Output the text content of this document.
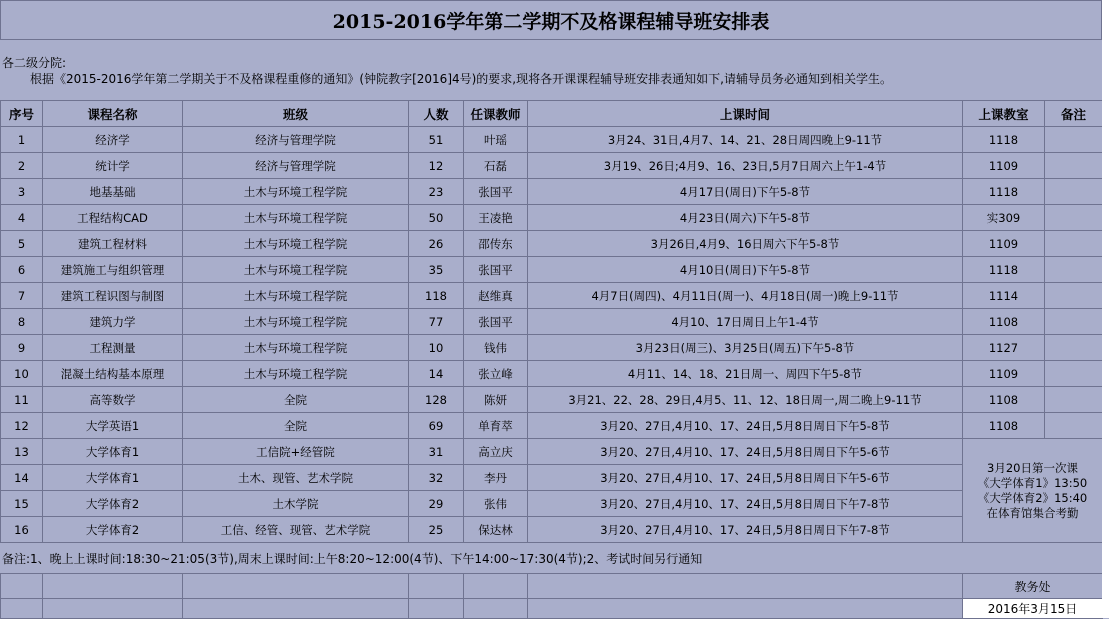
2015-2016学年第二学期不及格课程辅导班安排表
各二级分院:
根据《2015-2016学年第二学期关于不及格课程重修的通知》(钟院教字[2016]4号)的要求,现将各开课课程辅导班安排表通知如下,请辅导员务必通知到相关学生。
序号	课程名称	班级	人数	任课教师	上课时间	上课教室	备注
1	经济学	经济与管理学院	51	叶瑶	3月24、31日,4月7、14、21、28日周四晚上9-11节	1118	
2	统计学	经济与管理学院	12	石磊	3月19、26日;4月9、16、23日,5月7日周六上午1-4节	1109	
3	地基基础	土木与环境工程学院	23	张国平	4月17日(周日)下午5-8节	1118	
4	工程结构CAD	土木与环境工程学院	50	王凌艳	4月23日(周六)下午5-8节	实309	
5	建筑工程材料	土木与环境工程学院	26	邵传东	3月26日,4月9、16日周六下午5-8节	1109	
6	建筑施工与组织管理	土木与环境工程学院	35	张国平	4月10日(周日)下午5-8节	1118	
7	建筑工程识图与制图	土木与环境工程学院	118	赵维真	4月7日(周四)、4月11日(周一)、4月18日(周一)晚上9-11节	1114	
8	建筑力学	土木与环境工程学院	77	张国平	4月10、17日周日上午1-4节	1108	
9	工程测量	土木与环境工程学院	10	钱伟	3月23日(周三)、3月25日(周五)下午5-8节	1127	
10	混凝土结构基本原理	土木与环境工程学院	14	张立峰	4月11、14、18、21日周一、周四下午5-8节	1109	
11	高等数学	全院	128	陈妍	3月21、22、28、29日,4月5、11、12、18日周一,周二晚上9-11节	1108	
12	大学英语1	全院	69	单育萃	3月20、27日,4月10、17、24日,5月8日周日下午5-8节	1108	
13	大学体育1	工信院+经管院	31	高立庆	3月20、27日,4月10、17、24日,5月8日周日下午5-6节	3月20日第一次课
《大学体育1》13:50
《大学体育2》15:40
在体育馆集合考勤	

14	大学体育1	土木、现管、艺术学院	32	李丹	3月20、27日,4月10、17、24日,5月8日周日下午5-6节		
15	大学体育2	土木学院	29	张伟	3月20、27日,4月10、17、24日,5月8日周日下午7-8节		
16	大学体育2	工信、经管、现管、艺术学院	25	保达林	3月20、27日,4月10、17、24日,5月8日周日下午7-8节		
备注:1、晚上上课时间:18:30~21:05(3节),周末上课时间:上午8:20~12:00(4节)、下午14:00~17:30(4节);2、考试时间另行通知
						教务处
						2016年3月15日
